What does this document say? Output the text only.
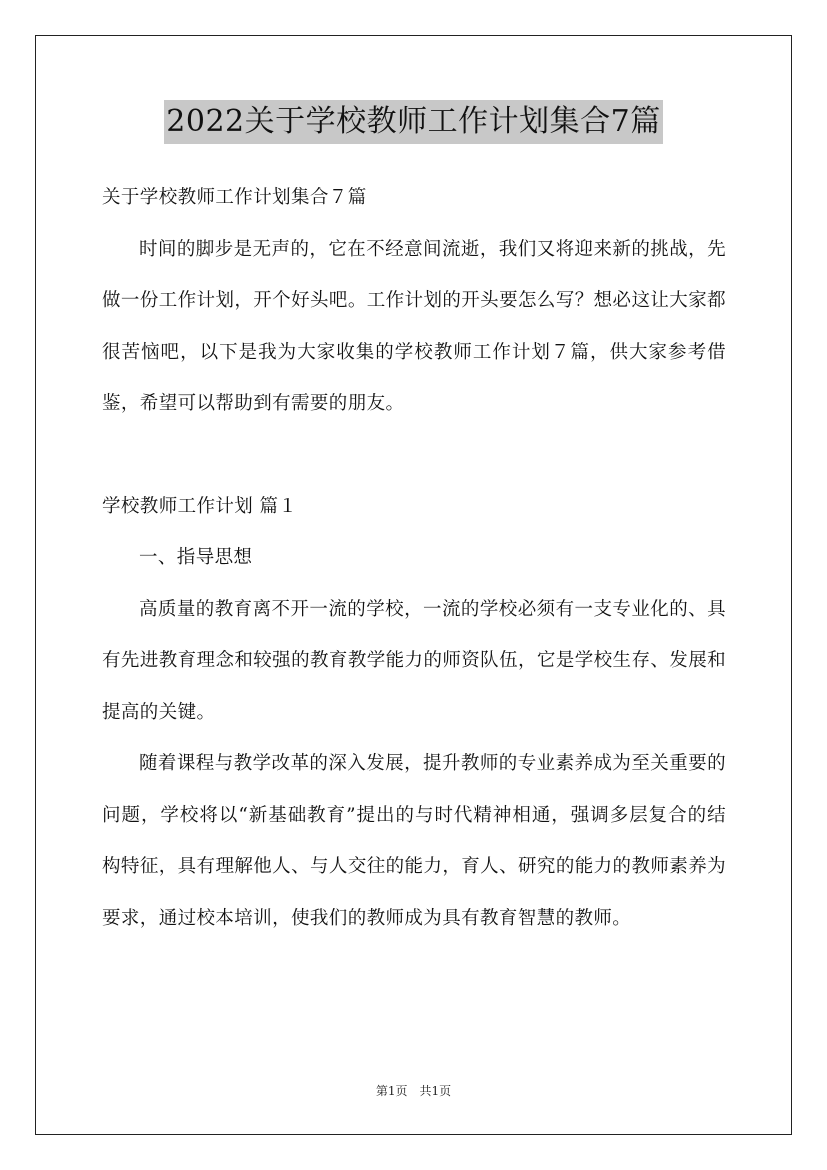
2022关于学校教师工作计划集合7篇

关于学校教师工作计划集合７篇

时间的脚步是无声的，它在不经意间流逝，我们又将迎来新的挑战，先做一份工作计划，开个好头吧。工作计划的开头要怎么写？想必这让大家都很苦恼吧，以下是我为大家收集的学校教师工作计划７篇，供大家参考借鉴，希望可以帮助到有需要的朋友。

学校教师工作计划 篇１

一、指导思想

高质量的教育离不开一流的学校，一流的学校必须有一支专业化的、具有先进教育理念和较强的教育教学能力的师资队伍，它是学校生存、发展和提高的关键。

随着课程与教学改革的深入发展，提升教师的专业素养成为至关重要的问题，学校将以“新基础教育”提出的与时代精神相通，强调多层复合的结构特征，具有理解他人、与人交往的能力，育人、研究的能力的教师素养为要求，通过校本培训，使我们的教师成为具有教育智慧的教师。

第1页　共1页
